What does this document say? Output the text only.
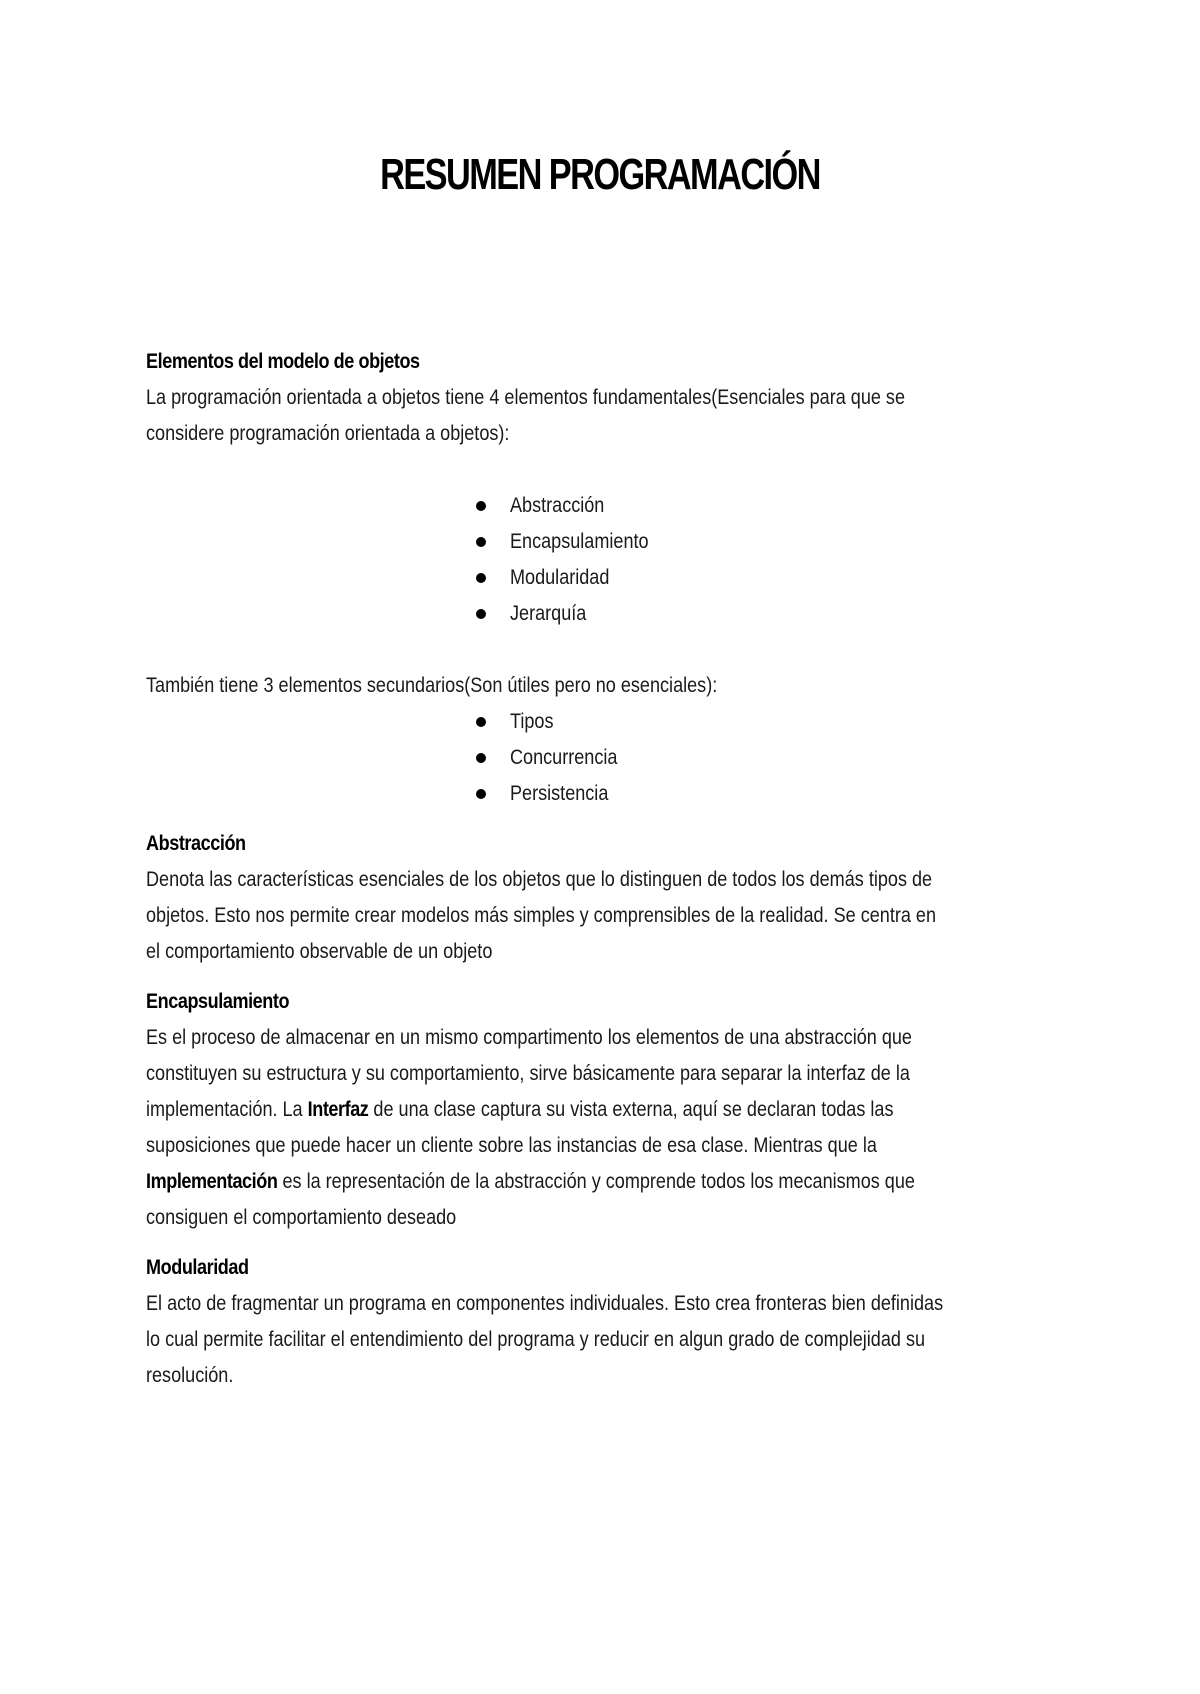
RESUMEN PROGRAMACIÓN

Elementos del modelo de objetos

La programación orientada a objetos tiene 4 elementos fundamentales(Esenciales para que se

considere programación orientada a objetos):

Abstracción
Encapsulamiento
Modularidad
Jerarquía

También tiene 3 elementos secundarios(Son útiles pero no esenciales):

Tipos
Concurrencia
Persistencia

Abstracción

Denota las características esenciales de los objetos que lo distinguen de todos los demás tipos de

objetos. Esto nos permite crear modelos más simples y comprensibles de la realidad. Se centra en

el comportamiento observable de un objeto

Encapsulamiento

Es el proceso de almacenar en un mismo compartimento los elementos de una abstracción que

constituyen su estructura y su comportamiento, sirve básicamente para separar la interfaz de la

implementación. La Interfaz de una clase captura su vista externa, aquí se declaran todas las

suposiciones que puede hacer un cliente sobre las instancias de esa clase. Mientras que la

Implementación es la representación de la abstracción y comprende todos los mecanismos que

consiguen el comportamiento deseado

Modularidad

El acto de fragmentar un programa en componentes individuales. Esto crea fronteras bien definidas

lo cual permite facilitar el entendimiento del programa y reducir en algun grado de complejidad su

resolución.
